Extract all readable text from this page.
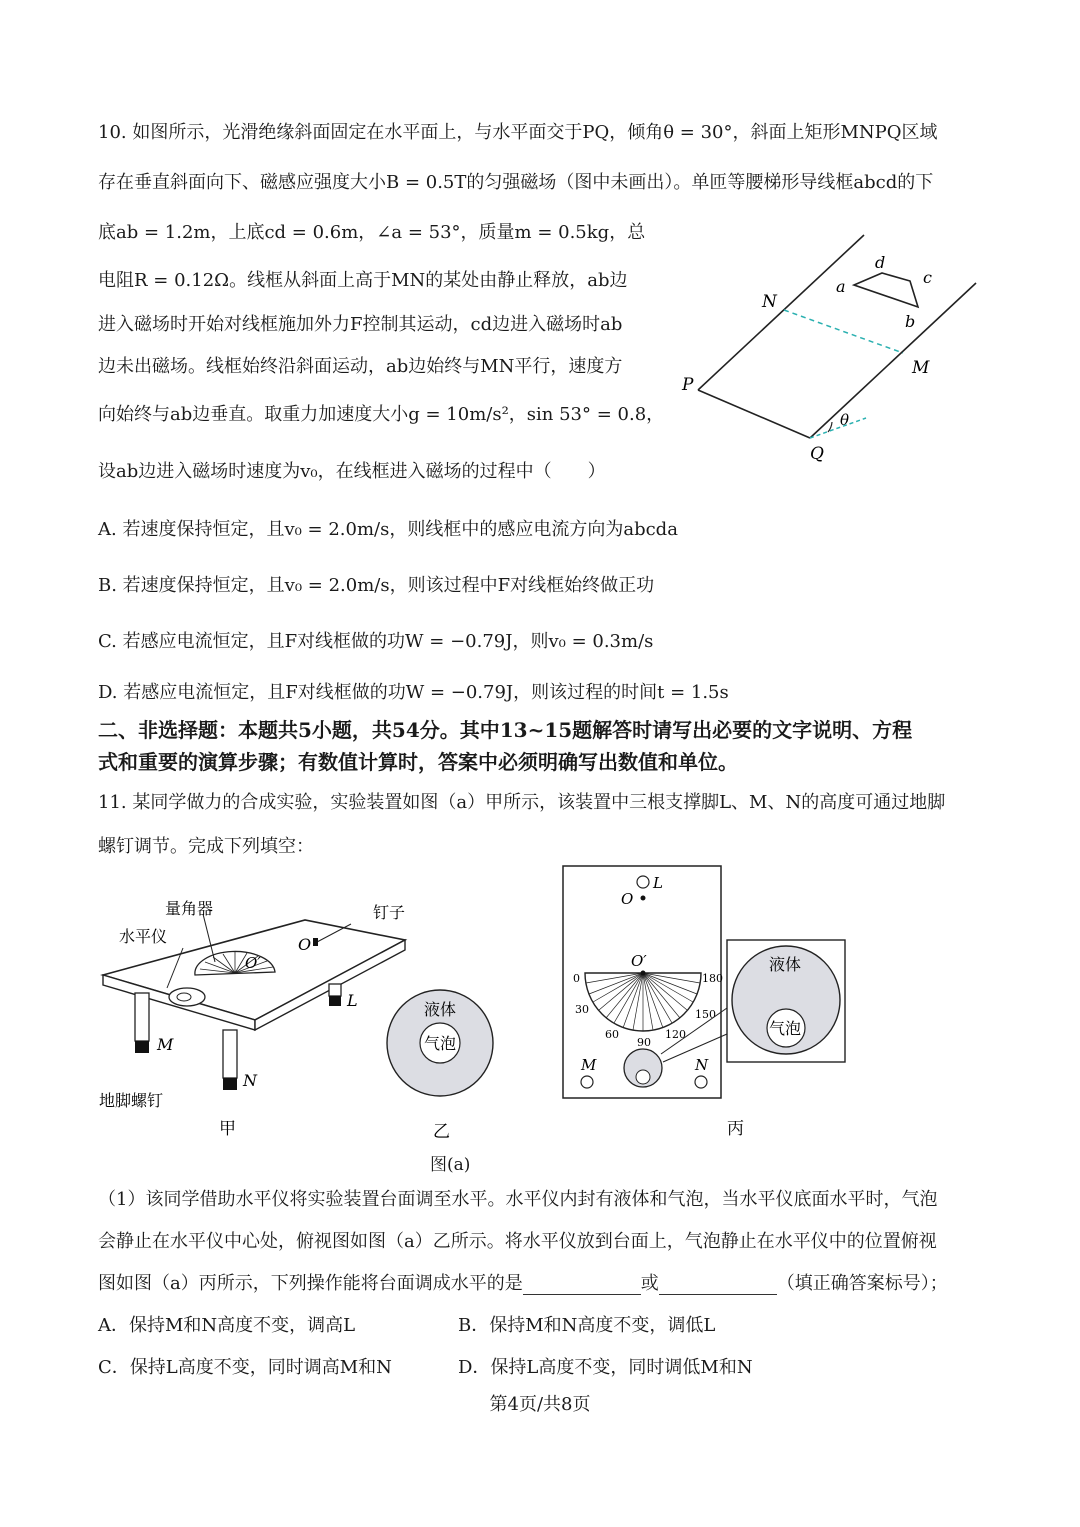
10. 如图所示，光滑绝缘斜面固定在水平面上，与水平面交于PQ，倾角θ = 30°，斜面上矩形MNPQ区域
存在垂直斜面向下、磁感应强度大小B = 0.5T的匀强磁场（图中未画出）。单匝等腰梯形导线框abcd的下
底ab = 1.2m，上底cd = 0.6m，∠a = 53°，质量m = 0.5kg，总
电阻R = 0.12Ω。线框从斜面上高于MN的某处由静止释放，ab边
进入磁场时开始对线框施加外力F控制其运动，cd边进入磁场时ab
边未出磁场。线框始终沿斜面运动，ab边始终与MN平行，速度方
向始终与ab边垂直。取重力加速度大小g = 10m/s²，sin 53° = 0.8，
设ab边进入磁场时速度为v₀，在线框进入磁场的过程中（　　）
N
M
P
Q
a
b
c
d
θ
A. 若速度保持恒定，且v₀ = 2.0m/s，则线框中的感应电流方向为abcda
B. 若速度保持恒定，且v₀ = 2.0m/s，则该过程中F对线框始终做正功
C. 若感应电流恒定，且F对线框做的功W = −0.79J，则v₀ = 0.3m/s
D. 若感应电流恒定，且F对线框做的功W = −0.79J，则该过程的时间t = 1.5s
二、非选择题：本题共5小题，共54分。其中13~15题解答时请写出必要的文字说明、方程
式和重要的演算步骤；有数值计算时，答案中必须明确写出数值和单位。
11. 某同学做力的合成实验，实验装置如图（a）甲所示，该装置中三根支撑脚L、M、N的高度可通过地脚
螺钉调节。完成下列填空：
量角器
水平仪
钉子
O
O′
L
M
N
地脚螺钉
甲
液体
气泡
乙
L
O
O′
0
30
60
90
120
150
180
M	N
液体
气泡
丙
图(a)
（1）该同学借助水平仪将实验装置台面调至水平。水平仪内封有液体和气泡，当水平仪底面水平时，气泡
会静止在水平仪中心处，俯视图如图（a）乙所示。将水平仪放到台面上，气泡静止在水平仪中的位置俯视
图如图（a）丙所示，下列操作能将台面调成水平的是	或	（填正确答案标号）；
A．保持M和N高度不变，调高L	B．保持M和N高度不变，调低L
C．保持L高度不变，同时调高M和N	D．保持L高度不变，同时调低M和N
第4页/共8页
